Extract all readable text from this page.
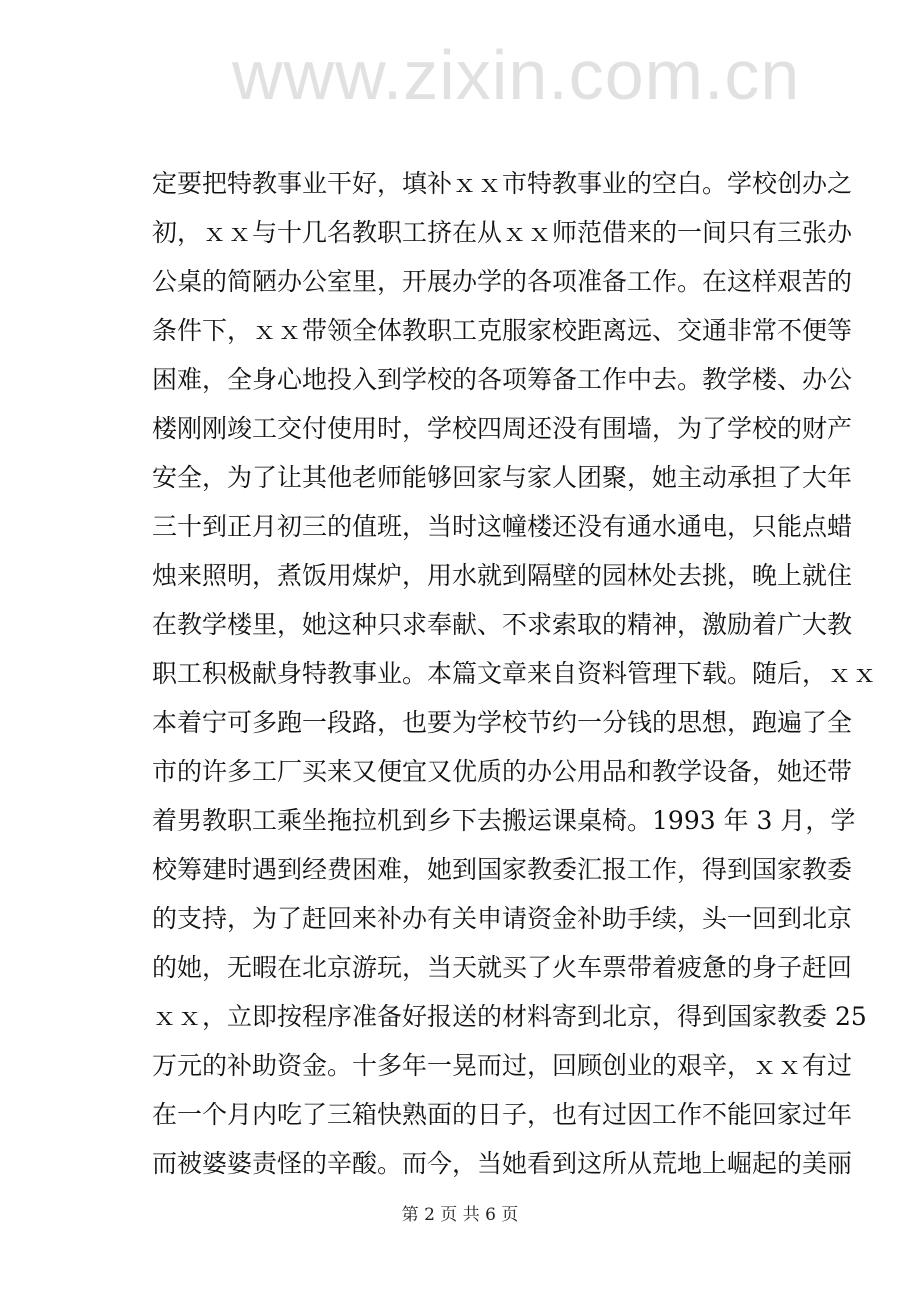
www.zixin.com.cn
定要把特教事业干好，填补ｘｘ市特教事业的空白。学校创办之
初，ｘｘ与十几名教职工挤在从ｘｘ师范借来的一间只有三张办
公桌的简陋办公室里，开展办学的各项准备工作。在这样艰苦的
条件下，ｘｘ带领全体教职工克服家校距离远、交通非常不便等
困难，全身心地投入到学校的各项筹备工作中去。教学楼、办公
楼刚刚竣工交付使用时，学校四周还没有围墙，为了学校的财产
安全，为了让其他老师能够回家与家人团聚，她主动承担了大年
三十到正月初三的值班，当时这幢楼还没有通水通电，只能点蜡
烛来照明，煮饭用煤炉，用水就到隔壁的园林处去挑，晚上就住
在教学楼里，她这种只求奉献、不求索取的精神，激励着广大教
职工积极献身特教事业。本篇文章来自资料管理下载。随后，ｘｘ
本着宁可多跑一段路，也要为学校节约一分钱的思想，跑遍了全
市的许多工厂买来又便宜又优质的办公用品和教学设备，她还带
着男教职工乘坐拖拉机到乡下去搬运课桌椅。1993 年 3 月，学
校筹建时遇到经费困难，她到国家教委汇报工作，得到国家教委
的支持，为了赶回来补办有关申请资金补助手续，头一回到北京
的她，无暇在北京游玩，当天就买了火车票带着疲惫的身子赶回
ｘｘ，立即按程序准备好报送的材料寄到北京，得到国家教委 25
万元的补助资金。十多年一晃而过，回顾创业的艰辛，ｘｘ有过
在一个月内吃了三箱快熟面的日子，也有过因工作不能回家过年
而被婆婆责怪的辛酸。而今，当她看到这所从荒地上崛起的美丽
第 2 页 共 6 页
